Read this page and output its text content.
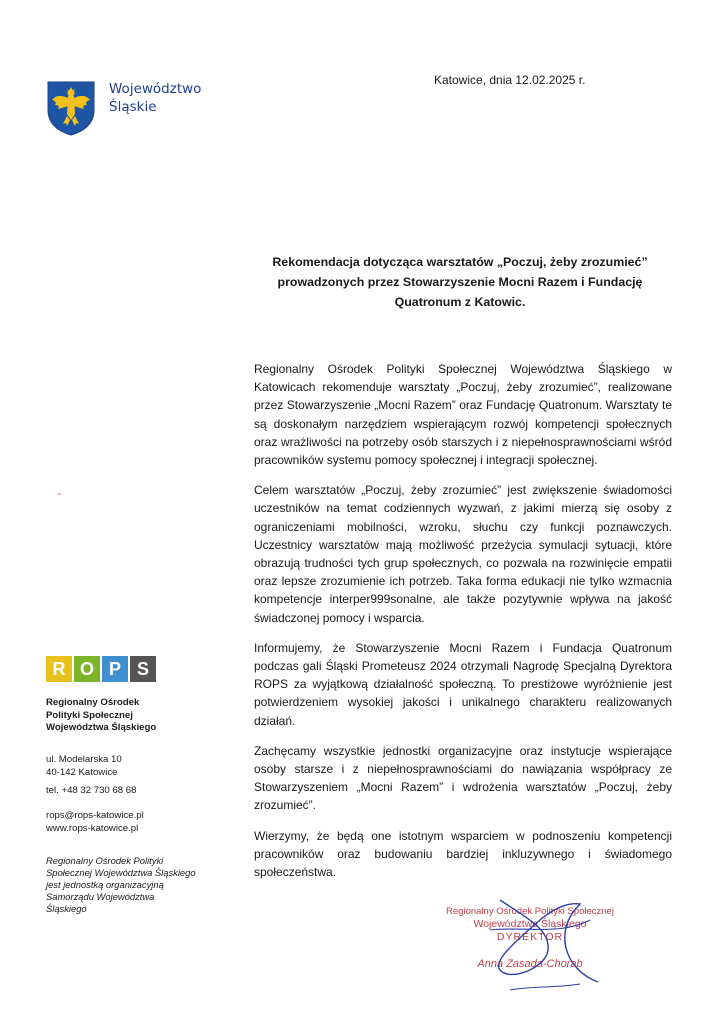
Województwo
Śląskie
Katowice, dnia 12.02.2025 r.
Rekomendacja dotycząca warsztatów „Poczuj, żeby zrozumieć”
prowadzonych przez Stowarzyszenie Mocni Razem i Fundację
Quatronum z Katowic.

Regionalny Ośrodek Polityki Społecznej Województwa Śląskiego w Katowicach rekomenduje warsztaty „Poczuj, żeby zrozumieć”, realizowane przez Stowarzyszenie „Mocni Razem” oraz Fundację Quatronum. Warsztaty te są doskonałym narzędziem wspierającym rozwój kompetencji społecznych oraz wrażliwości na potrzeby osób starszych i z niepełnosprawnościami wśród pracowników systemu pomocy społecznej i integracji społecznej.

Celem warsztatów „Poczuj, żeby zrozumieć” jest zwiększenie świadomości uczestników na temat codziennych wyzwań, z jakimi mierzą się osoby z ograniczeniami mobilności, wzroku, słuchu czy funkcji poznawczych. Uczestnicy warsztatów mają możliwość przeżycia symulacji sytuacji, które obrazują trudności tych grup społecznych, co pozwala na rozwinięcie empatii oraz lepsze zrozumienie ich potrzeb. Taka forma edukacji nie tylko wzmacnia kompetencje interper999sonalne, ale także pozytywnie wpływa na jakość świadczonej pomocy i wsparcia.

Informujemy, że Stowarzyszenie Mocni Razem i Fundacja Quatronum podczas gali Śląski Prometeusz 2024 otrzymali Nagrodę Specjalną Dyrektora ROPS za wyjątkową działalność społeczną. To prestiżowe wyróżnienie jest potwierdzeniem wysokiej jakości i unikalnego charakteru realizowanych działań.

Zachęcamy wszystkie jednostki organizacyjne oraz instytucje wspierające osoby starsze i z niepełnosprawnościami do nawiązania współpracy ze Stowarzyszeniem „Mocni Razem” i wdrożenia warsztatów „Poczuj, żeby zrozumieć”.

Wierzymy, że będą one istotnym wsparciem w podnoszeniu kompetencji pracowników oraz budowaniu bardziej inkluzywnego i świadomego społeczeństwa.

R O P S
Regionalny Ośrodek
Polityki Społecznej
Województwa Śląskiego
ul. Modelarska 10
40-142 Katowice
tel. +48 32 730 68 68
rops@rops-katowice.pl
www.rops-katowice.pl
Regionalny Ośrodek Polityki Społecznej Województwa Śląskiego jest jednostką organizacyjną Samorządu Województwa Śląskiego	Regionalny Ośrodek Polityki Społecznej
Województwa Śląskiego
DYREKTOR
Anna Zasada-Chorab
